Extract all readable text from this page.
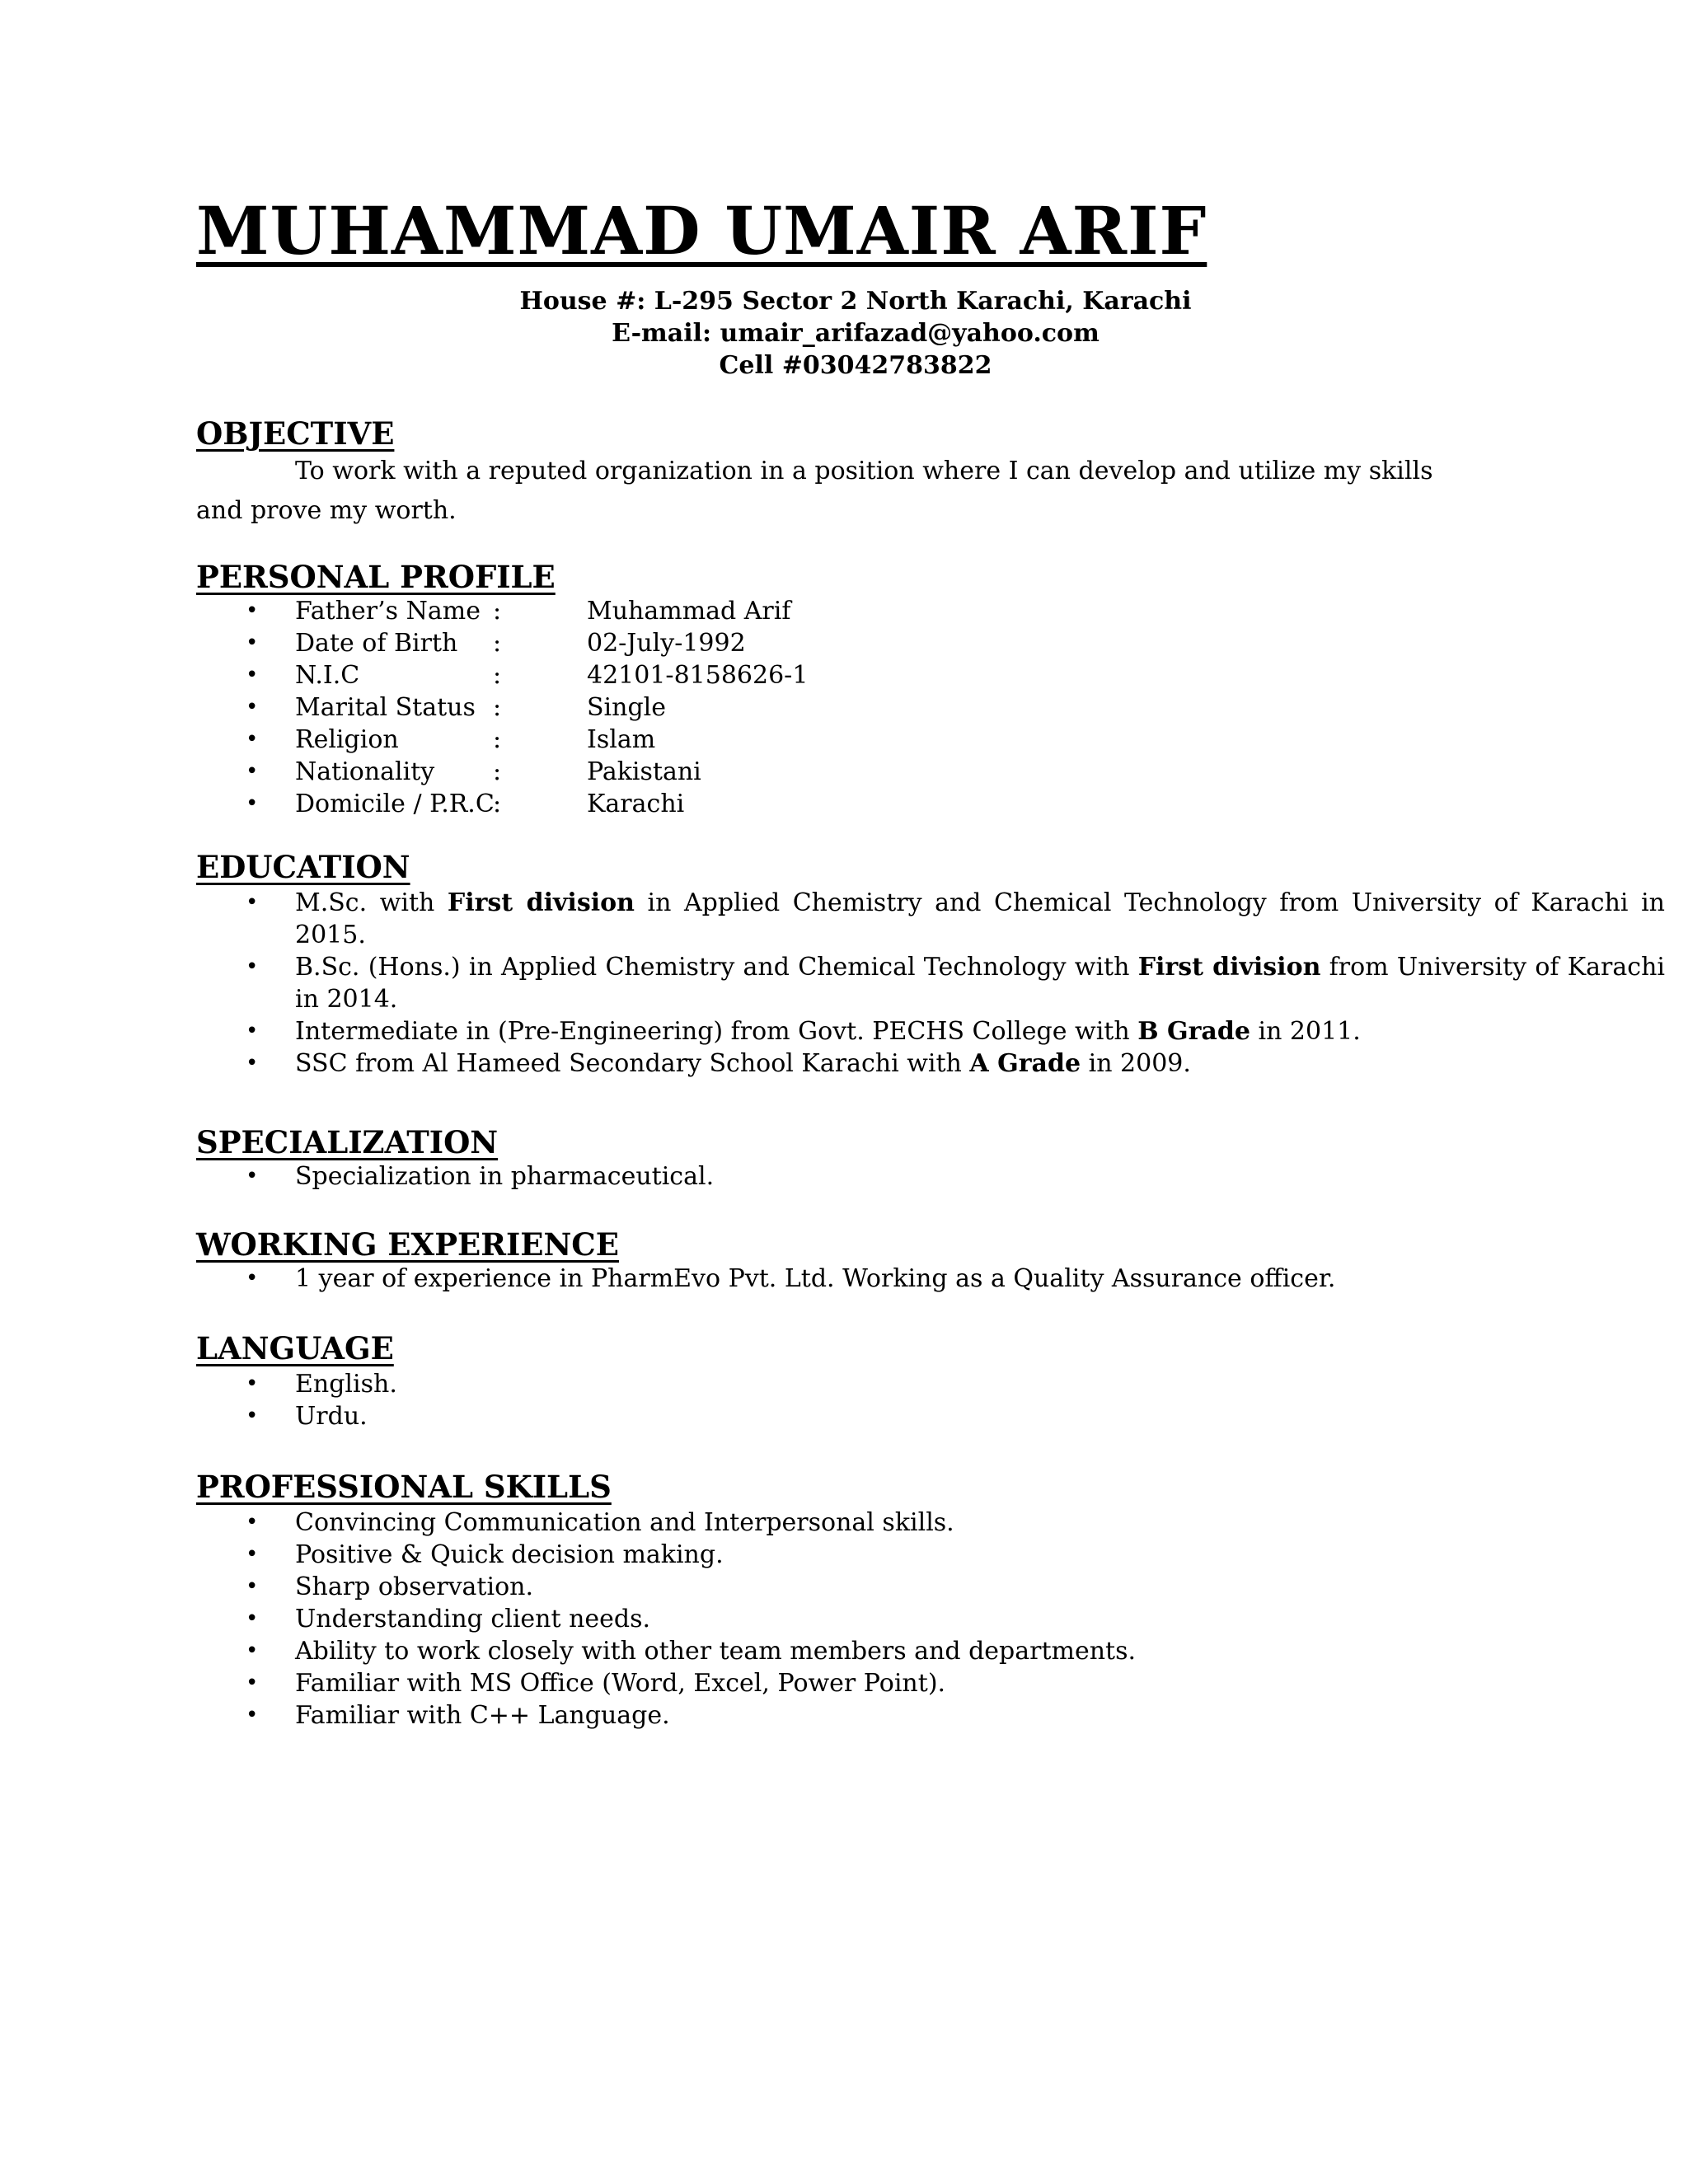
MUHAMMAD UMAIR ARIF
House #: L-295 Sector 2 North Karachi, Karachi
E-mail: umair_arifazad@yahoo.com
Cell #03042783822
OBJECTIVE
To work with a reputed organization in a position where I can develop and utilize my skills and prove my worth.
PERSONAL PROFILE
• Father’s Name :	Muhammad Arif
• Date of Birth :	02-July-1992
• N.I.C	:	42101-8158626-1
• Marital Status :	Single
• Religion	:	Islam
• Nationality :	Pakistani
• Domicile / P.R.C:	Karachi
EDUCATION
• M.Sc. with First division in Applied Chemistry and Chemical Technology from University of Karachi in 2015.
• B.Sc. (Hons.) in Applied Chemistry and Chemical Technology with First division from University of Karachi in 2014.
• Intermediate in (Pre-Engineering) from Govt. PECHS College with B Grade in 2011.
• SSC from Al Hameed Secondary School Karachi with A Grade in 2009.
SPECIALIZATION
• Specialization in pharmaceutical.
WORKING EXPERIENCE
• 1 year of experience in PharmEvo Pvt. Ltd. Working as a Quality Assurance officer.
LANGUAGE
• English.
• Urdu.
PROFESSIONAL SKILLS
• Convincing Communication and Interpersonal skills.
• Positive & Quick decision making.
• Sharp observation.
• Understanding client needs.
• Ability to work closely with other team members and departments.
• Familiar with MS Office (Word, Excel, Power Point).
• Familiar with C++ Language.
